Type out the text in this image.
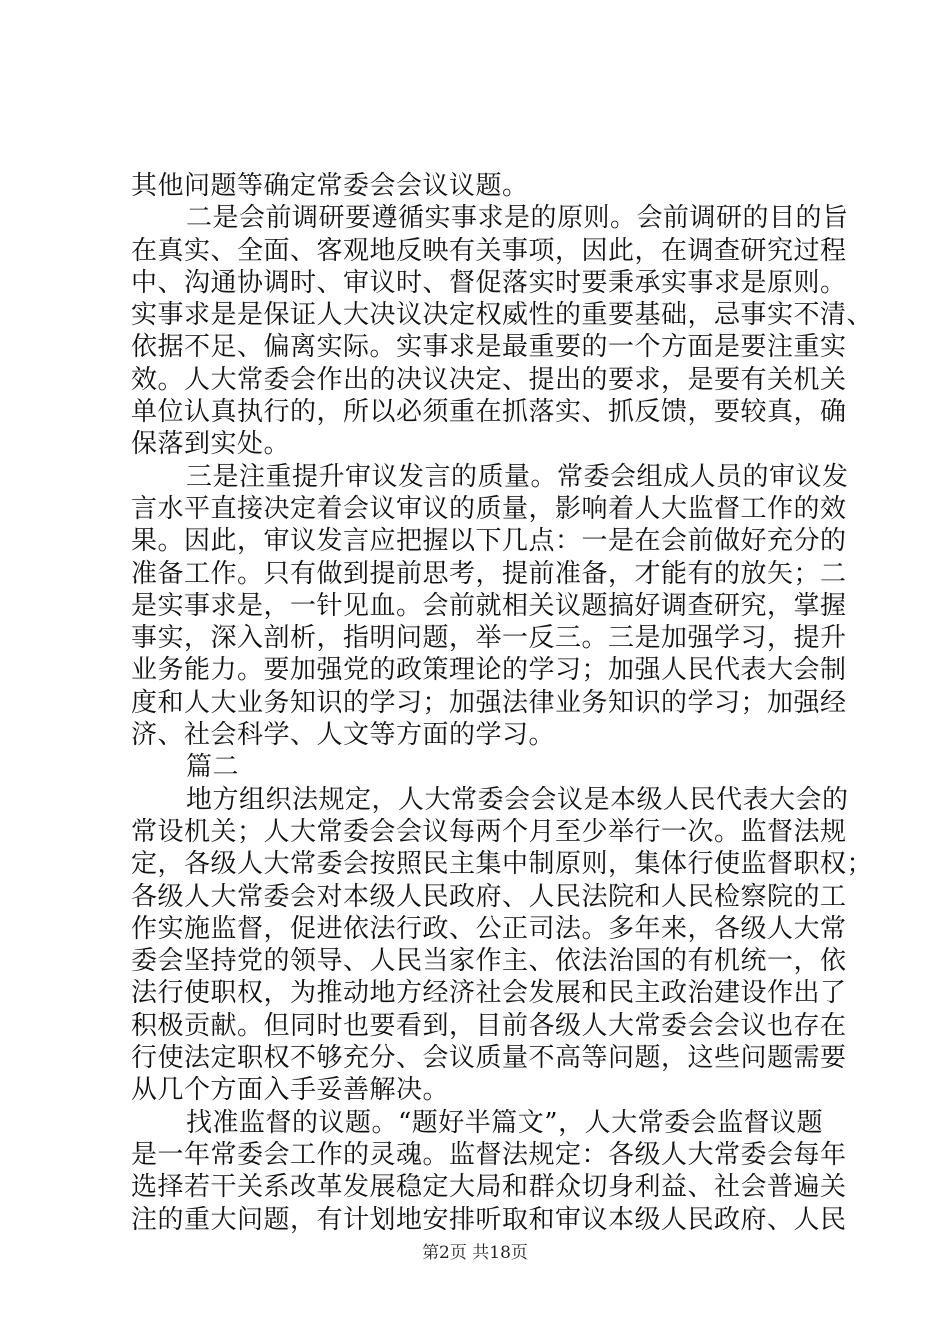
其他问题等确定常委会会议议题。
二是会前调研要遵循实事求是的原则。会前调研的目的旨
在真实、全面、客观地反映有关事项，因此，在调查研究过程
中、沟通协调时、审议时、督促落实时要秉承实事求是原则。
实事求是是保证人大决议决定权威性的重要基础，忌事实不清、
依据不足、偏离实际。实事求是最重要的一个方面是要注重实
效。人大常委会作出的决议决定、提出的要求，是要有关机关
单位认真执行的，所以必须重在抓落实、抓反馈，要较真，确
保落到实处。
三是注重提升审议发言的质量。常委会组成人员的审议发
言水平直接决定着会议审议的质量，影响着人大监督工作的效
果。因此，审议发言应把握以下几点：一是在会前做好充分的
准备工作。只有做到提前思考，提前准备，才能有的放矢；二
是实事求是，一针见血。会前就相关议题搞好调查研究，掌握
事实，深入剖析，指明问题，举一反三。三是加强学习，提升
业务能力。要加强党的政策理论的学习；加强人民代表大会制
度和人大业务知识的学习；加强法律业务知识的学习；加强经
济、社会科学、人文等方面的学习。
篇二
地方组织法规定，人大常委会会议是本级人民代表大会的
常设机关；人大常委会会议每两个月至少举行一次。监督法规
定，各级人大常委会按照民主集中制原则，集体行使监督职权；
各级人大常委会对本级人民政府、人民法院和人民检察院的工
作实施监督，促进依法行政、公正司法。多年来，各级人大常
委会坚持党的领导、人民当家作主、依法治国的有机统一，依
法行使职权，为推动地方经济社会发展和民主政治建设作出了
积极贡献。但同时也要看到，目前各级人大常委会会议也存在
行使法定职权不够充分、会议质量不高等问题，这些问题需要
从几个方面入手妥善解决。
找准监督的议题。“题好半篇文”，人大常委会监督议题
是一年常委会工作的灵魂。监督法规定：各级人大常委会每年
选择若干关系改革发展稳定大局和群众切身利益、社会普遍关
注的重大问题，有计划地安排听取和审议本级人民政府、人民
第2页 共18页
